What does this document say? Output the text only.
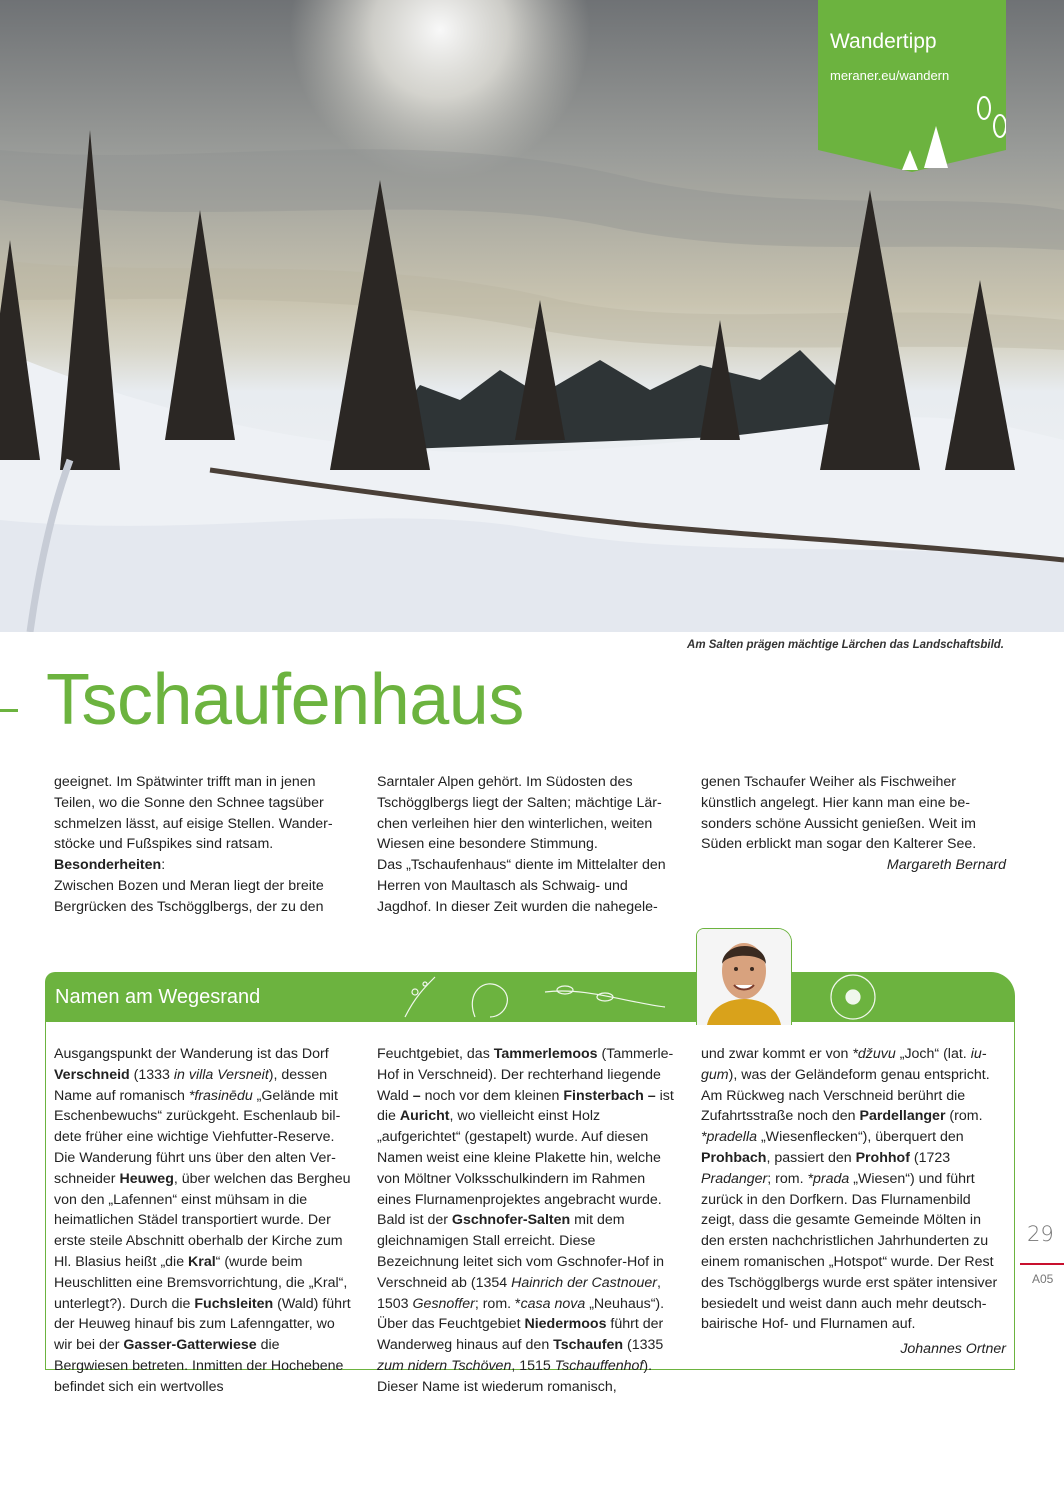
Wandertipp
meraner.eu/wandern
Am Salten prägen mächtige Lärchen das Landschaftsbild.
Tschaufenhaus

geeignet. Im Spätwinter trifft man in jenen Teilen, wo die Sonne den Schnee tagsüber schmelzen lässt, auf eisige Stellen. Wanderstöcke und Fußspikes sind ratsam.

Besonderheiten:

Zwischen Bozen und Meran liegt der breite Bergrücken des Tschögglbergs, der zu den

Sarntaler Alpen gehört. Im Südosten des Tschögglbergs liegt der Salten; mächtige Lärchen verleihen hier den winterlichen, weiten Wiesen eine besondere Stimmung.

Das „Tschaufenhaus“ diente im Mittelalter den Herren von Maultasch als Schwaig- und Jagdhof. In dieser Zeit wurden die nahegele-

genen Tschaufer Weiher als Fischweiher künstlich angelegt. Hier kann man eine besonders schöne Aussicht genießen. Weit im Süden erblickt man sogar den Kalterer See.

Margareth Bernard

Namen am Wegesrand

Ausgangspunkt der Wanderung ist das Dorf Verschneid (1333 in villa Versneit), dessen Name auf romanisch *frasinēdu „Gelände mit Eschenbewuchs“ zurückgeht. Eschenlaub bildete früher eine wichtige Viehfutter-Reserve. Die Wanderung führt uns über den alten Verschneider Heuweg, über welchen das Bergheu von den „Lafennen“ einst mühsam in die heimatlichen Städel transportiert wurde. Der erste steile Abschnitt oberhalb der Kirche zum Hl. Blasius heißt „die Kral“ (wurde beim Heuschlitten eine Bremsvorrichtung, die „Kral“, unterlegt?). Durch die Fuchsleiten (Wald) führt der Heuweg hinauf bis zum Lafenngatter, wo wir bei der Gasser-Gatterwiese die Bergwiesen betreten. Inmitten der Hochebene befindet sich ein wertvolles

Feuchtgebiet, das Tammerlemoos (Tammerle-Hof in Verschneid). Der rechterhand liegende Wald – noch vor dem kleinen Finsterbach – ist die Auricht, wo vielleicht einst Holz „aufgerichtet“ (gestapelt) wurde. Auf diesen Namen weist eine kleine Plakette hin, welche von Möltner Volksschulkindern im Rahmen eines Flurnamenprojektes angebracht wurde. Bald ist der Gschnofer-Salten mit dem gleichnamigen Stall erreicht. Diese Bezeichnung leitet sich vom Gschnofer-Hof in Verschneid ab (1354 Hainrich der Castnouer, 1503 Gesnoffer; rom. *casa nova „Neuhaus“). Über das Feuchtgebiet Niedermoos führt der Wanderweg hinaus auf den Tschaufen (1335 zum nidern Tschöven, 1515 Tschauffenhof). Dieser Name ist wiederum romanisch,

und zwar kommt er von *džuvu „Joch“ (lat. iugum), was der Geländeform genau entspricht. Am Rückweg nach Verschneid berührt die Zufahrtsstraße noch den Pardellanger (rom. *pradella „Wiesenflecken“), überquert den Prohbach, passiert den Prohhof (1723 Pradanger; rom. *prada „Wiesen“) und führt zurück in den Dorfkern. Das Flurnamenbild zeigt, dass die gesamte Gemeinde Mölten in den ersten nachchristlichen Jahrhunderten zu einem romanischen „Hotspot“ wurde. Der Rest des Tschögglbergs wurde erst später intensiver besiedelt und weist dann auch mehr deutsch-bairische Hof- und Flurnamen auf.

Johannes Ortner

29
A05
